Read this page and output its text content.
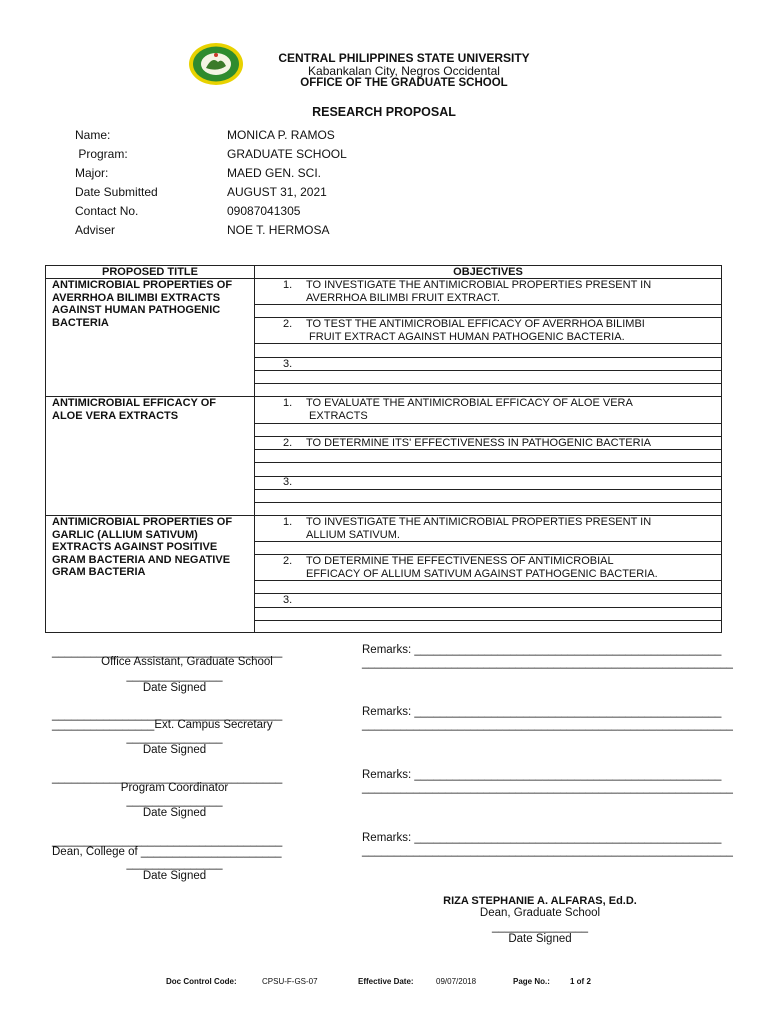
CENTRAL PHILIPPINES STATE UNIVERSITY
Kabankalan City, Negros Occidental
OFFICE OF THE GRADUATE SCHOOL
RESEARCH PROPOSAL
Name:	MONICA P. RAMOS
Program:	GRADUATE SCHOOL
Major:	MAED GEN. SCI.
Date Submitted	AUGUST 31, 2021
Contact No.	09087041305
Adviser	NOE T. HERMOSA
PROPOSED TITLE	OBJECTIVES
ANTIMICROBIAL PROPERTIES OF AVERRHOA BILIMBI EXTRACTS AGAINST HUMAN PATHOGENIC BACTERIA
1. TO INVESTIGATE THE ANTIMICROBIAL PROPERTIES PRESENT IN
AVERRHOA BILIMBI FRUIT EXTRACT.
2. TO TEST THE ANTIMICROBIAL EFFICACY OF AVERRHOA BILIMBI
FRUIT EXTRACT AGAINST HUMAN PATHOGENIC BACTERIA.
3.
ANTIMICROBIAL EFFICACY OF ALOE VERA EXTRACTS
1. TO EVALUATE THE ANTIMICROBIAL EFFICACY OF ALOE VERA
EXTRACTS
2. TO DETERMINE ITS' EFFECTIVENESS IN PATHOGENIC BACTERIA
3.
ANTIMICROBIAL PROPERTIES OF GARLIC (ALLIUM SATIVUM) EXTRACTS AGAINST POSITIVE GRAM BACTERIA AND NEGATIVE GRAM BACTERIA
1. TO INVESTIGATE THE ANTIMICROBIAL PROPERTIES PRESENT IN
ALLIUM SATIVUM.
2. TO DETERMINE THE EFFECTIVENESS OF ANTIMICROBIAL
EFFICACY OF ALLIUM SATIVUM AGAINST PATHOGENIC BACTERIA.
3.
____________________________________
Office Assistant, Graduate School
_______________
Date Signed
____________________________________
________________Ext. Campus Secretary
_______________
Date Signed
____________________________________
Program Coordinator
_______________
Date Signed
____________________________________
Dean, College of ______________________
_______________
Date Signed
Remarks: ________________________________________________
__________________________________________________________
Remarks: ________________________________________________
__________________________________________________________
Remarks: ________________________________________________
__________________________________________________________
Remarks: ________________________________________________
__________________________________________________________
RIZA STEPHANIE A. ALFARAS, Ed.D.
Dean, Graduate School
_______________
Date Signed
Doc Control Code:	CPSU-F-GS-07	Effective Date:	09/07/2018	Page No.:	1 of 2
